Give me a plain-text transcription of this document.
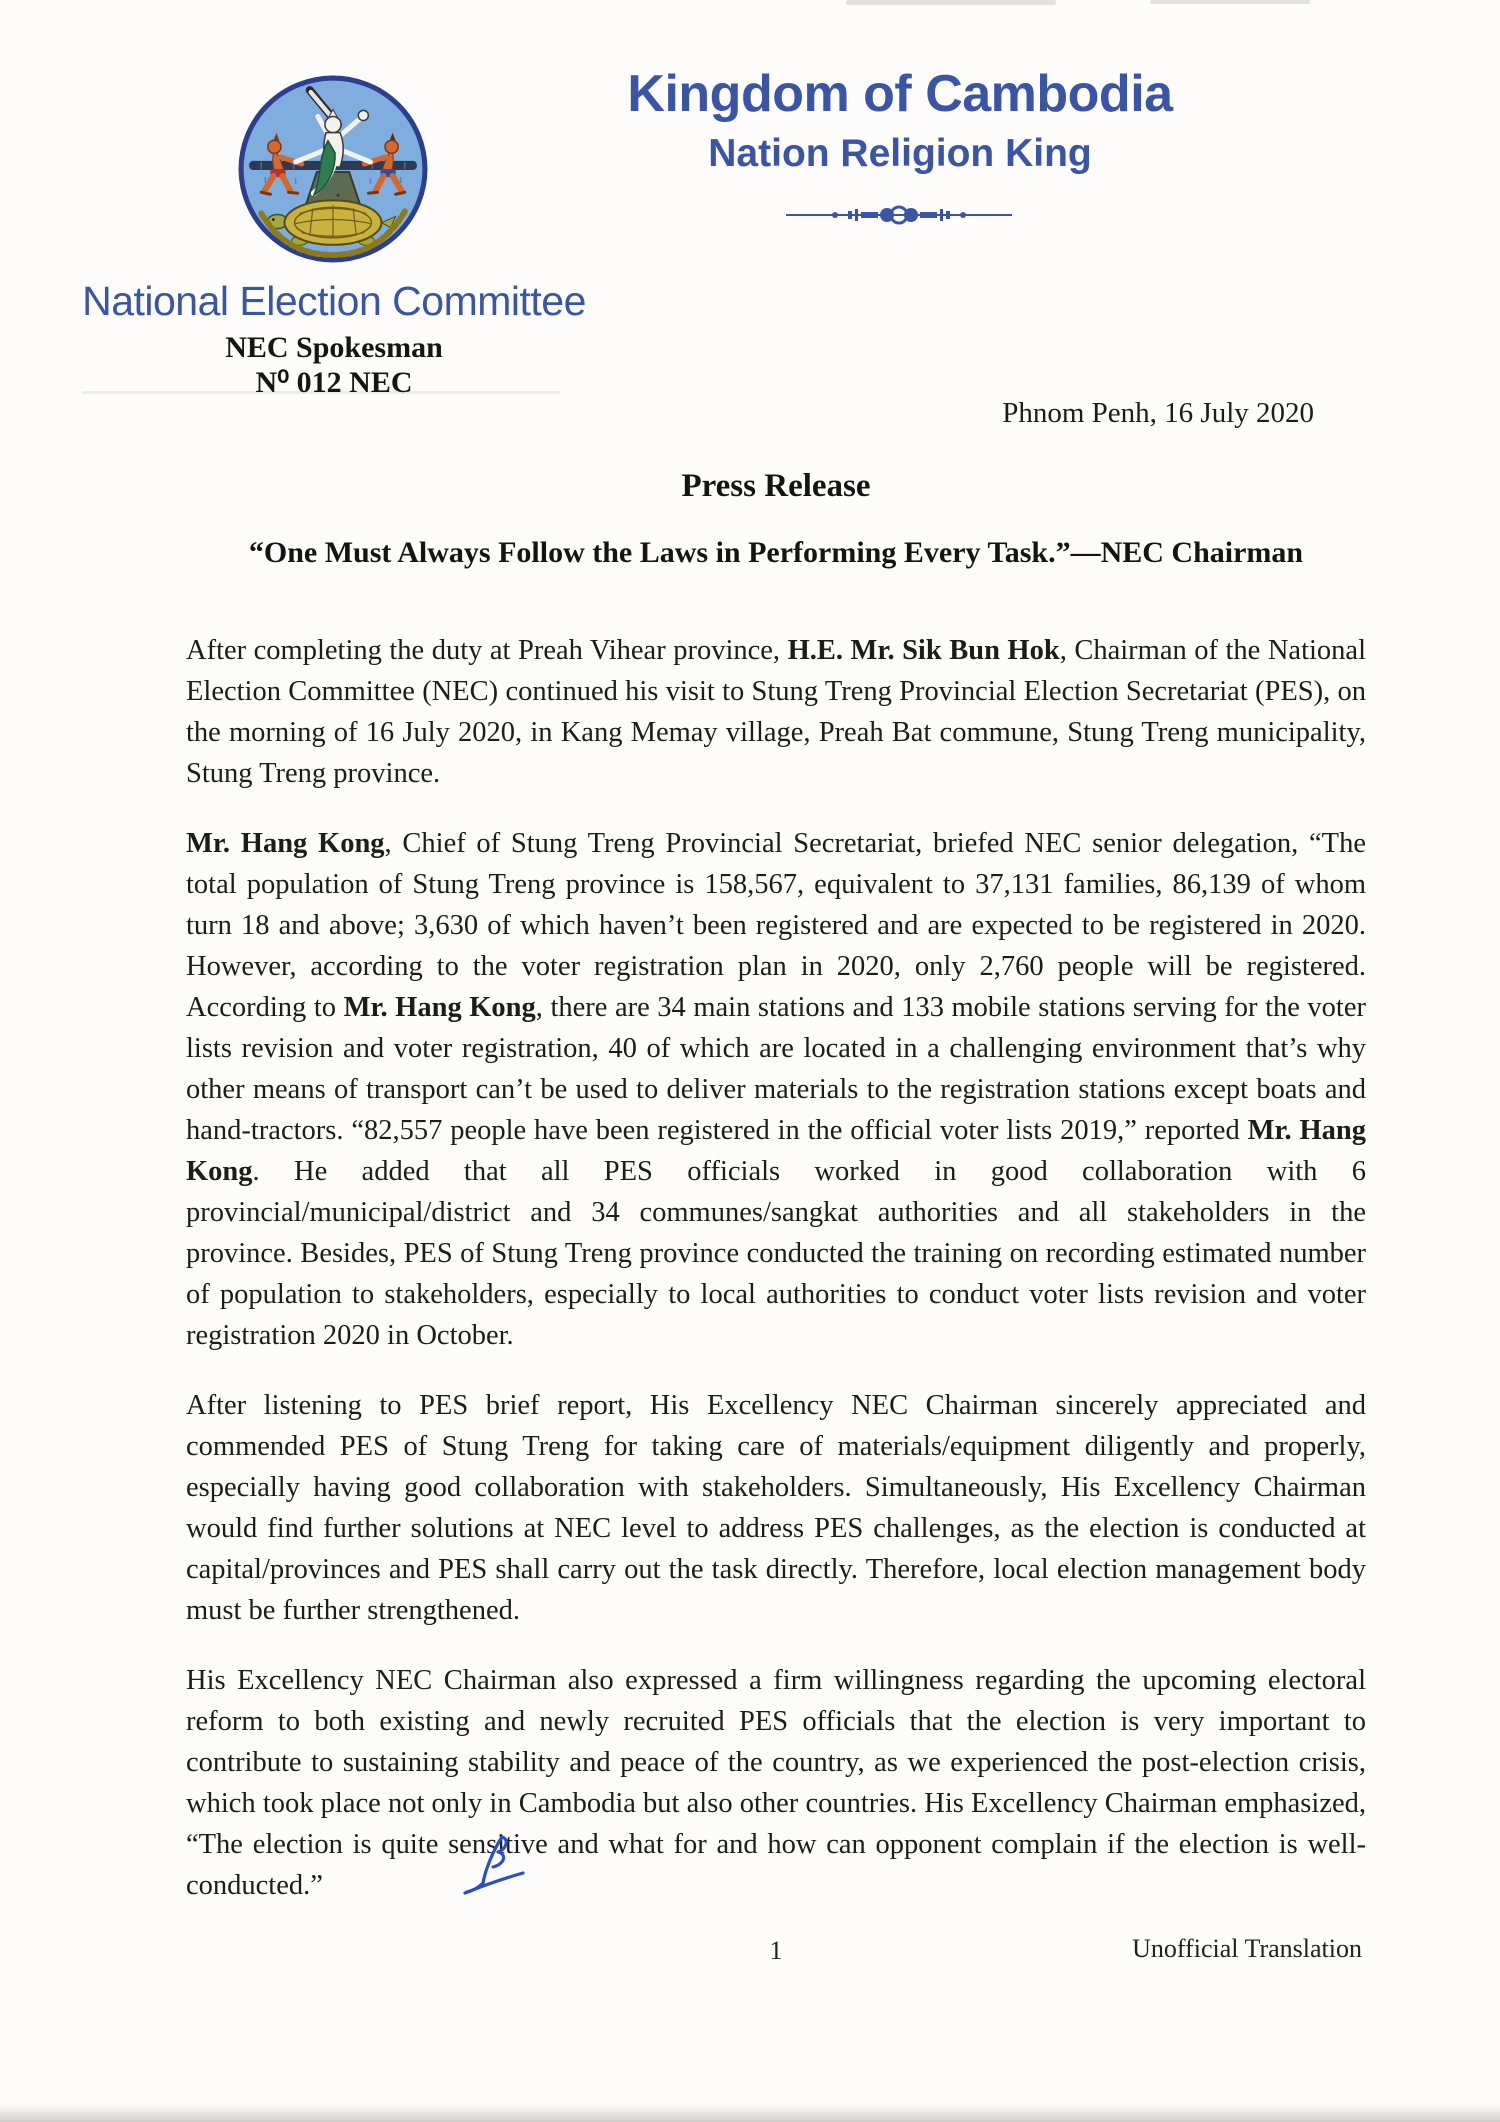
Kingdom of Cambodia
Nation Religion King
National Election Committee
NEC Spokesman
N⁰ 012 NEC
Phnom Penh, 16 July 2020
Press Release
“One Must Always Follow the Laws in Performing Every Task.”—NEC Chairman

After completing the duty at Preah Vihear province, H.E. Mr. Sik Bun Hok, Chairman of the National Election Committee (NEC) continued his visit to Stung Treng Provincial Election Secretariat (PES), on the morning of 16 July 2020, in Kang Memay village, Preah Bat commune, Stung Treng municipality, Stung Treng province.

Mr. Hang Kong, Chief of Stung Treng Provincial Secretariat, briefed NEC senior delegation, “The total population of Stung Treng province is 158,567, equivalent to 37,131 families, 86,139 of whom turn 18 and above; 3,630 of which haven’t been registered and are expected to be registered in 2020. However, according to the voter registration plan in 2020, only 2,760 people will be registered. According to Mr. Hang Kong, there are 34 main stations and 133 mobile stations serving for the voter lists revision and voter registration, 40 of which are located in a challenging environment that’s why other means of transport can’t be used to deliver materials to the registration stations except boats and hand-tractors. “82,557 people have been registered in the official voter lists 2019,” reported Mr. Hang Kong. He added that all PES officials worked in good collaboration with 6 provincial/municipal/district and 34 communes/sangkat authorities and all stakeholders in the province. Besides, PES of Stung Treng province conducted the training on recording estimated number of population to stakeholders, especially to local authorities to conduct voter lists revision and voter registration 2020 in October.

After listening to PES brief report, His Excellency NEC Chairman sincerely appreciated and commended PES of Stung Treng for taking care of materials/equipment diligently and properly, especially having good collaboration with stakeholders. Simultaneously, His Excellency Chairman would find further solutions at NEC level to address PES challenges, as the election is conducted at capital/provinces and PES shall carry out the task directly. Therefore, local election management body must be further strengthened.

His Excellency NEC Chairman also expressed a firm willingness regarding the upcoming electoral reform to both existing and newly recruited PES officials that the election is very important to contribute to sustaining stability and peace of the country, as we experienced the post-election crisis, which took place not only in Cambodia but also other countries. His Excellency Chairman emphasized, “The election is quite sensitive and what for and how can opponent complain if the election is well-conducted.”

1	Unofficial Translation
